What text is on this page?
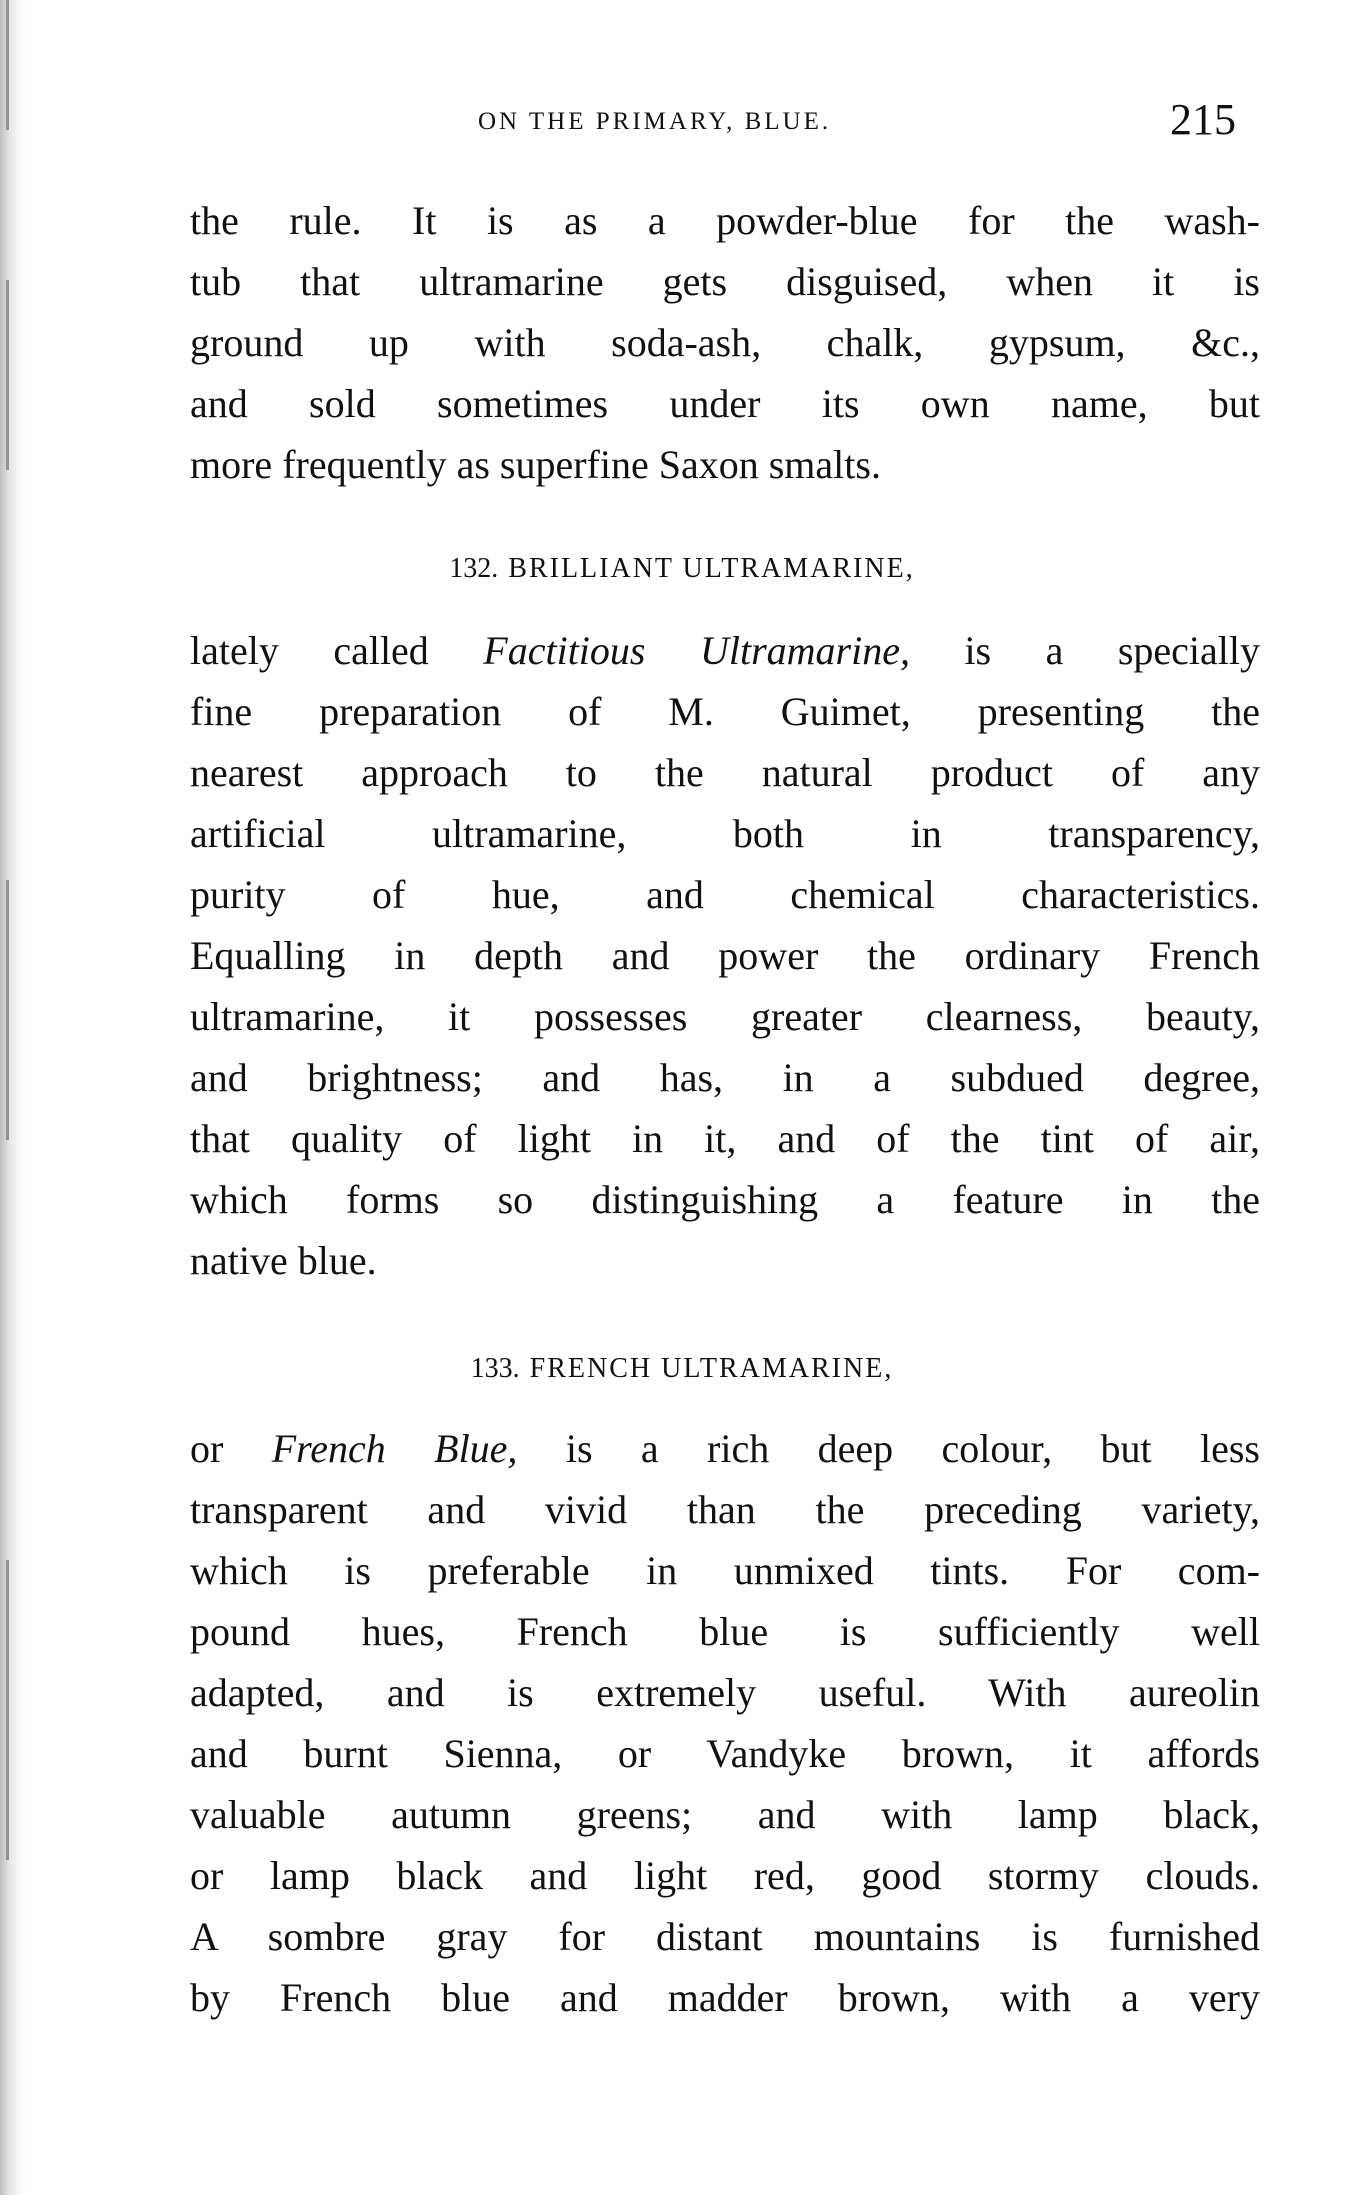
ON THE PRIMARY, BLUE.	215
the rule. It is as a powder-blue for the wash-
tub that ultramarine gets disguised, when it is
ground up with soda-ash, chalk, gypsum, &c.,
and sold sometimes under its own name, but
more frequently as superfine Saxon smalts.
132. BRILLIANT ULTRAMARINE,
lately called Factitious Ultramarine, is a specially
fine preparation of M. Guimet, presenting the
nearest approach to the natural product of any
artificial ultramarine, both in transparency,
purity of hue, and chemical characteristics.
Equalling in depth and power the ordinary French
ultramarine, it possesses greater clearness, beauty,
and brightness; and has, in a subdued degree,
that quality of light in it, and of the tint of air,
which forms so distinguishing a feature in the
native blue.
133. FRENCH ULTRAMARINE,
or French Blue, is a rich deep colour, but less
transparent and vivid than the preceding variety,
which is preferable in unmixed tints. For com-
pound hues, French blue is sufficiently well
adapted, and is extremely useful. With aureolin
and burnt Sienna, or Vandyke brown, it affords
valuable autumn greens; and with lamp black,
or lamp black and light red, good stormy clouds.
A sombre gray for distant mountains is furnished
by French blue and madder brown, with a very
